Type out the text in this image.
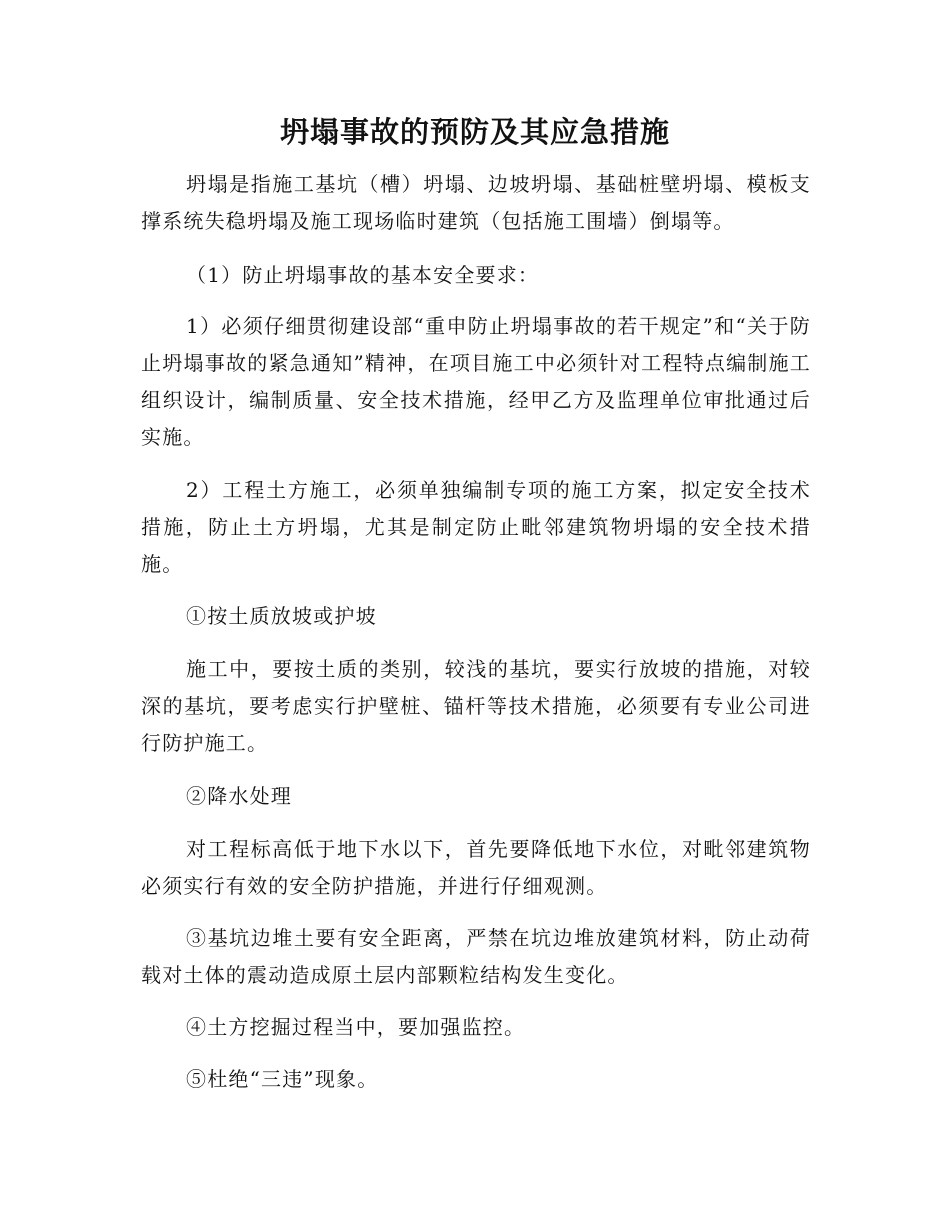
坍塌事故的预防及其应急措施

坍塌是指施工基坑（槽）坍塌、边坡坍塌、基础桩壁坍塌、模板支撑系统失稳坍塌及施工现场临时建筑（包括施工围墙）倒塌等。

（1）防止坍塌事故的基本安全要求：

1）必须仔细贯彻建设部“重申防止坍塌事故的若干规定”和“关于防止坍塌事故的紧急通知”精神，在项目施工中必须针对工程特点编制施工组织设计，编制质量、安全技术措施，经甲乙方及监理单位审批通过后实施。

2）工程土方施工，必须单独编制专项的施工方案，拟定安全技术措施，防止土方坍塌，尤其是制定防止毗邻建筑物坍塌的安全技术措施。

①按土质放坡或护坡

施工中，要按土质的类别，较浅的基坑，要实行放坡的措施，对较深的基坑，要考虑实行护壁桩、锚杆等技术措施，必须要有专业公司进行防护施工。

②降水处理

对工程标高低于地下水以下，首先要降低地下水位，对毗邻建筑物必须实行有效的安全防护措施，并进行仔细观测。

③基坑边堆土要有安全距离，严禁在坑边堆放建筑材料，防止动荷载对土体的震动造成原土层内部颗粒结构发生变化。

④土方挖掘过程当中，要加强监控。

⑤杜绝“三违”现象。
